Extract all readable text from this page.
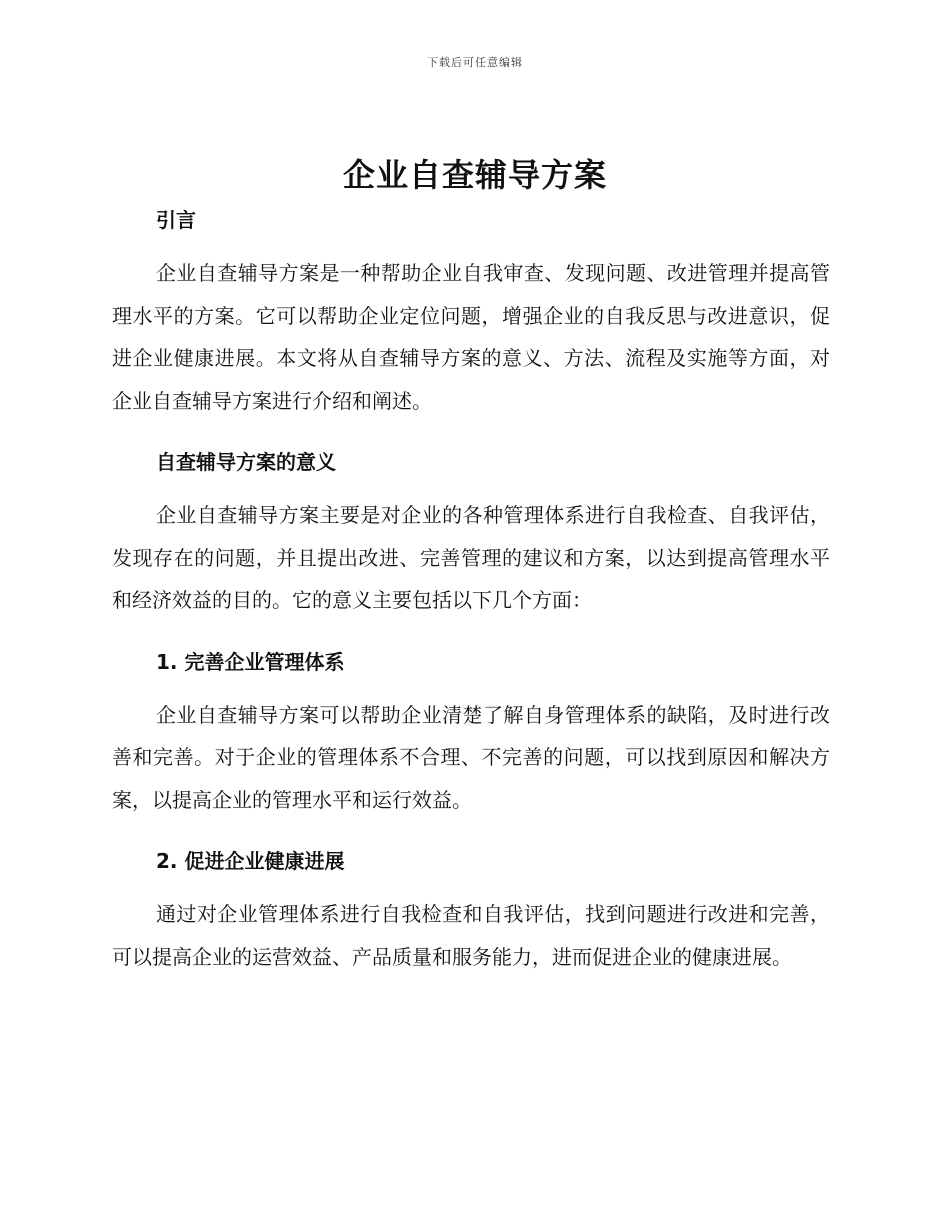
下载后可任意编辑
企业自查辅导方案
引言

企业自查辅导方案是一种帮助企业自我审查、发现问题、改进管理并提高管理水平的方案。它可以帮助企业定位问题，增强企业的自我反思与改进意识，促进企业健康进展。本文将从自查辅导方案的意义、方法、流程及实施等方面，对企业自查辅导方案进行介绍和阐述。

自查辅导方案的意义

企业自查辅导方案主要是对企业的各种管理体系进行自我检查、自我评估，发现存在的问题，并且提出改进、完善管理的建议和方案，以达到提高管理水平和经济效益的目的。它的意义主要包括以下几个方面：

1. 完善企业管理体系

企业自查辅导方案可以帮助企业清楚了解自身管理体系的缺陷，及时进行改善和完善。对于企业的管理体系不合理、不完善的问题，可以找到原因和解决方案，以提高企业的管理水平和运行效益。

2. 促进企业健康进展

通过对企业管理体系进行自我检查和自我评估，找到问题进行改进和完善，可以提高企业的运营效益、产品质量和服务能力，进而促进企业的健康进展。
